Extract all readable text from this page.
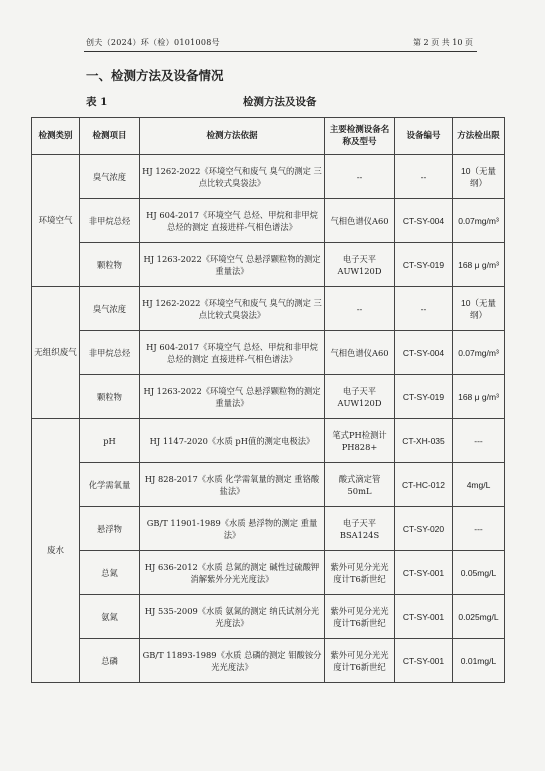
创夫（2024）环（检）0101008号	第 2 页 共 10 页
一、检测方法及设备情况
表 1	检测方法及设备
检测类别	检测项目	检测方法依据	主要检测设备名称及型号	设备编号	方法检出限
环境空气	臭气浓度	HJ 1262-2022《环境空气和废气 臭气的测定 三点比较式臭袋法》	--	--	10（无量纲）
	非甲烷总烃	HJ 604-2017《环境空气 总烃、甲烷和非甲烷总烃的测定 直接进样-气相色谱法》	气相色谱仪A60	CT-SY-004	0.07mg/m³
	颗粒物	HJ 1263-2022《环境空气 总悬浮颗粒物的测定 重量法》	电子天平AUW120D	CT-SY-019	168 μ g/m³
无组织废气	臭气浓度	HJ 1262-2022《环境空气和废气 臭气的测定 三点比较式臭袋法》	--	--	10（无量纲）
	非甲烷总烃	HJ 604-2017《环境空气 总烃、甲烷和非甲烷总烃的测定 直接进样-气相色谱法》	气相色谱仪A60	CT-SY-004	0.07mg/m³
	颗粒物	HJ 1263-2022《环境空气 总悬浮颗粒物的测定 重量法》	电子天平AUW120D	CT-SY-019	168 μ g/m³
废水	pH	HJ 1147-2020《水质 pH值的测定电极法》	笔式PH检测计PH828+	CT-XH-035	---
	化学需氧量	HJ 828-2017《水质 化学需氧量的测定 重铬酸盐法》	酸式滴定管50mL	CT-HC-012	4mg/L
	悬浮物	GB/T 11901-1989《水质 悬浮物的测定 重量法》	电子天平BSA124S	CT-SY-020	---
	总氮	HJ 636-2012《水质 总氮的测定 碱性过硫酸钾消解紫外分光光度法》	紫外可见分光光度计T6新世纪	CT-SY-001	0.05mg/L
	氨氮	HJ 535-2009《水质 氨氮的测定 纳氏试剂分光光度法》	紫外可见分光光度计T6新世纪	CT-SY-001	0.025mg/L
	总磷	GB/T 11893-1989《水质 总磷的测定 钼酸铵分光光度法》	紫外可见分光光度计T6新世纪	CT-SY-001	0.01mg/L
